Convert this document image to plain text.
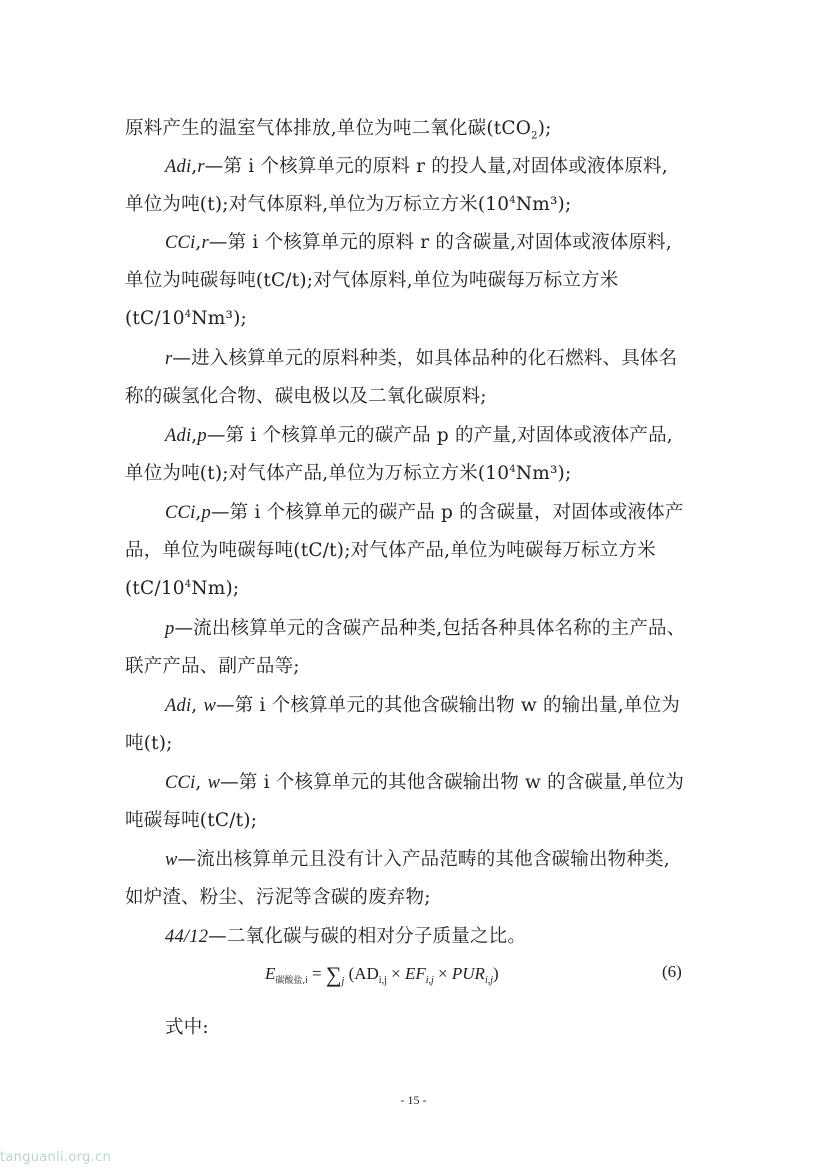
原料产生的温室气体排放,单位为吨二氧化碳(tCO$_2$);
Adi,r—第 i 个核算单元的原料 r 的投人量,对固体或液体原料,
单位为吨(t);对气体原料,单位为万标立方米$(10^4Nm^3)$;
CCi,r—第 i 个核算单元的原料 r 的含碳量,对固体或液体原料,
单位为吨碳每吨(tC/t);对气体原料,单位为吨碳每万标立方米
$(tC/10^4Nm^3)$;
r—进入核算单元的原料种类，如具体品种的化石燃料、具体名
称的碳氢化合物、碳电极以及二氧化碳原料;
Adi,p—第 i 个核算单元的碳产品 p 的产量,对固体或液体产品,
单位为吨(t);对气体产品,单位为万标立方米$(10^4Nm^3)$;
CCi,p—第 i 个核算单元的碳产品 p 的含碳量，对固体或液体产
品，单位为吨碳每吨(tC/t);对气体产品,单位为吨碳每万标立方米
$(tC/10^4Nm)$;
p—流出核算单元的含碳产品种类,包括各种具体名称的主产品、
联产产品、副产品等;
Adi, w—第 i 个核算单元的其他含碳输出物 w 的输出量,单位为
吨(t);
CCi, w—第 i 个核算单元的其他含碳输出物 w 的含碳量,单位为
吨碳每吨(tC/t);
w—流出核算单元且没有计入产品范畴的其他含碳输出物种类,
如炉渣、粉尘、污泥等含碳的废弃物;
44/12—二氧化碳与碳的相对分子质量之比。
$E_{碳酸盐,i} = \sum_j$ $(AD_{i,j} \times EF_{i,j} \times PUR_{i,j})$	(6)
式中:
- 15 -
tanguanli.org.cn
